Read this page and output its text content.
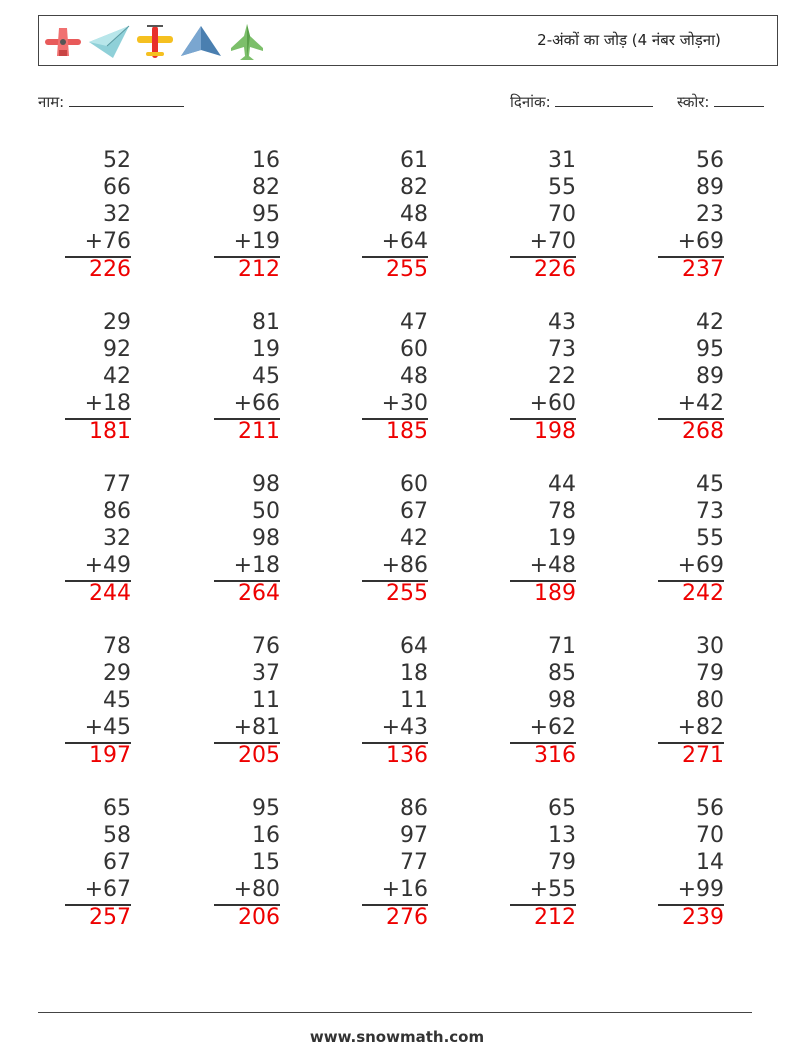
2-अंकों का जोड़ (4 नंबर जोड़ना)
नाम:	दिनांक:	स्कोर:
52
66
32
+76
226
16
82
95
+19
212
61
82
48
+64
255
31
55
70
+70
226
56
89
23
+69
237
29
92
42
+18
181
81
19
45
+66
211
47
60
48
+30
185
43
73
22
+60
198
42
95
89
+42
268
77
86
32
+49
244
98
50
98
+18
264
60
67
42
+86
255
44
78
19
+48
189
45
73
55
+69
242
78
29
45
+45
197
76
37
11
+81
205
64
18
11
+43
136
71
85
98
+62
316
30
79
80
+82
271
65
58
67
+67
257
95
16
15
+80
206
86
97
77
+16
276
65
13
79
+55
212
56
70
14
+99
239
www.snowmath.com
